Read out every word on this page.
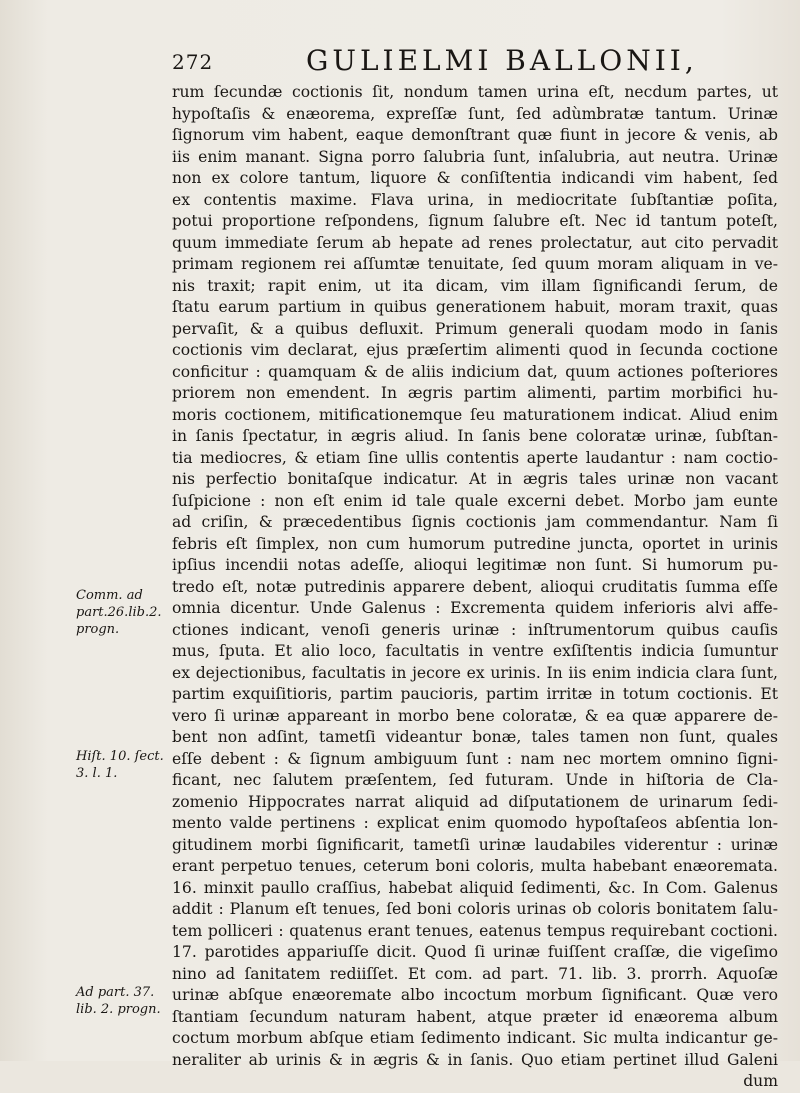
272	GULIELMI BALLONII,
Comm. ad
part.26.lib.2.
progn.
Hiſt. 10. ſect.
3. l. 1.
Ad part. 37.
lib. 2. progn.
rum ſecundæ coctionis ſit, nondum tamen urina eſt, necdum partes, ut
hypoſtaſis & enæorema, expreſſæ ſunt, ſed adùmbratæ tantum. Urinæ
ſignorum vim habent, eaque demonſtrant quæ fiunt in jecore & venis, ab
iis enim manant. Signa porro ſalubria ſunt, inſalubria, aut neutra. Urinæ
non ex colore tantum, liquore & conſiſtentia indicandi vim habent, ſed
ex contentis maxime. Flava urina, in mediocritate ſubſtantiæ poſita,
potui proportione reſpondens, ſignum ſalubre eſt. Nec id tantum poteſt,
quum immediate ſerum ab hepate ad renes prolectatur, aut cito pervadit
primam regionem rei aſſumtæ tenuitate, ſed quum moram aliquam in ve-
nis traxit; rapit enim, ut ita dicam, vim illam ſignificandi ſerum, de
ſtatu earum partium in quibus generationem habuit, moram traxit, quas
pervaſit, & a quibus defluxit. Primum generali quodam modo in ſanis
coctionis vim declarat, ejus præſertim alimenti quod in ſecunda coctione
conficitur : quamquam & de aliis indicium dat, quum actiones poſteriores
priorem non emendent. In ægris partim alimenti, partim morbifici hu-
moris coctionem, mitificationemque ſeu maturationem indicat. Aliud enim
in ſanis ſpectatur, in ægris aliud. In ſanis bene coloratæ urinæ, ſubſtan-
tia mediocres, & etiam ſine ullis contentis aperte laudantur : nam coctio-
nis perfectio bonitaſque indicatur. At in ægris tales urinæ non vacant
ſuſpicione : non eſt enim id tale quale excerni debet. Morbo jam eunte
ad criſin, & præcedentibus ſignis coctionis jam commendantur. Nam ſi
febris eſt ſimplex, non cum humorum putredine juncta, oportet in urinis
ipſius incendii notas adeſſe, alioqui legitimæ non ſunt. Si humorum pu-
tredo eſt, notæ putredinis apparere debent, alioqui cruditatis ſumma eſſe
omnia dicentur. Unde Galenus : Excrementa quidem inferioris alvi affe-
ctiones indicant, venoſi generis urinæ : inſtrumentorum quibus cauſis
mus, ſputa. Et alio loco, facultatis in ventre exſiſtentis indicia ſumuntur
ex dejectionibus, facultatis in jecore ex urinis. In iis enim indicia clara ſunt,
partim exquiſitioris, partim paucioris, partim irritæ in totum coctionis. Et
vero ſi urinæ appareant in morbo bene coloratæ, & ea quæ apparere de-
bent non adſint, tametſi videantur bonæ, tales tamen non ſunt, quales
eſſe debent : & ſignum ambiguum ſunt : nam nec mortem omnino ſigni-
ficant, nec ſalutem præſentem, ſed futuram. Unde in hiſtoria de Cla-
zomenio Hippocrates narrat aliquid ad diſputationem de urinarum ſedi-
mento valde pertinens : explicat enim quomodo hypoſtaſeos abſentia lon-
gitudinem morbi ſignificarit, tametſi urinæ laudabiles viderentur : urinæ
erant perpetuo tenues, ceterum boni coloris, multa habebant enæoremata.
16. minxit paullo craſſius, habebat aliquid ſedimenti, &c. In Com. Galenus
addit : Planum eſt tenues, ſed boni coloris urinas ob coloris bonitatem ſalu-
tem polliceri : quatenus erant tenues, eatenus tempus requirebant coctioni.
17. parotides appariuſſe dicit. Quod ſi urinæ fuiſſent craſſæ, die vigeſimo
nino ad ſanitatem rediiſſet. Et com. ad part. 71. lib. 3. prorrh. Aquoſæ
urinæ abſque enæoremate albo incoctum morbum ſignificant. Quæ vero
ſtantiam ſecundum naturam habent, atque præter id enæorema album
coctum morbum abſque etiam ſedimento indicant. Sic multa indicantur ge-
neraliter ab urinis & in ægris & in ſanis. Quo etiam pertinet illud Galeni
dum
